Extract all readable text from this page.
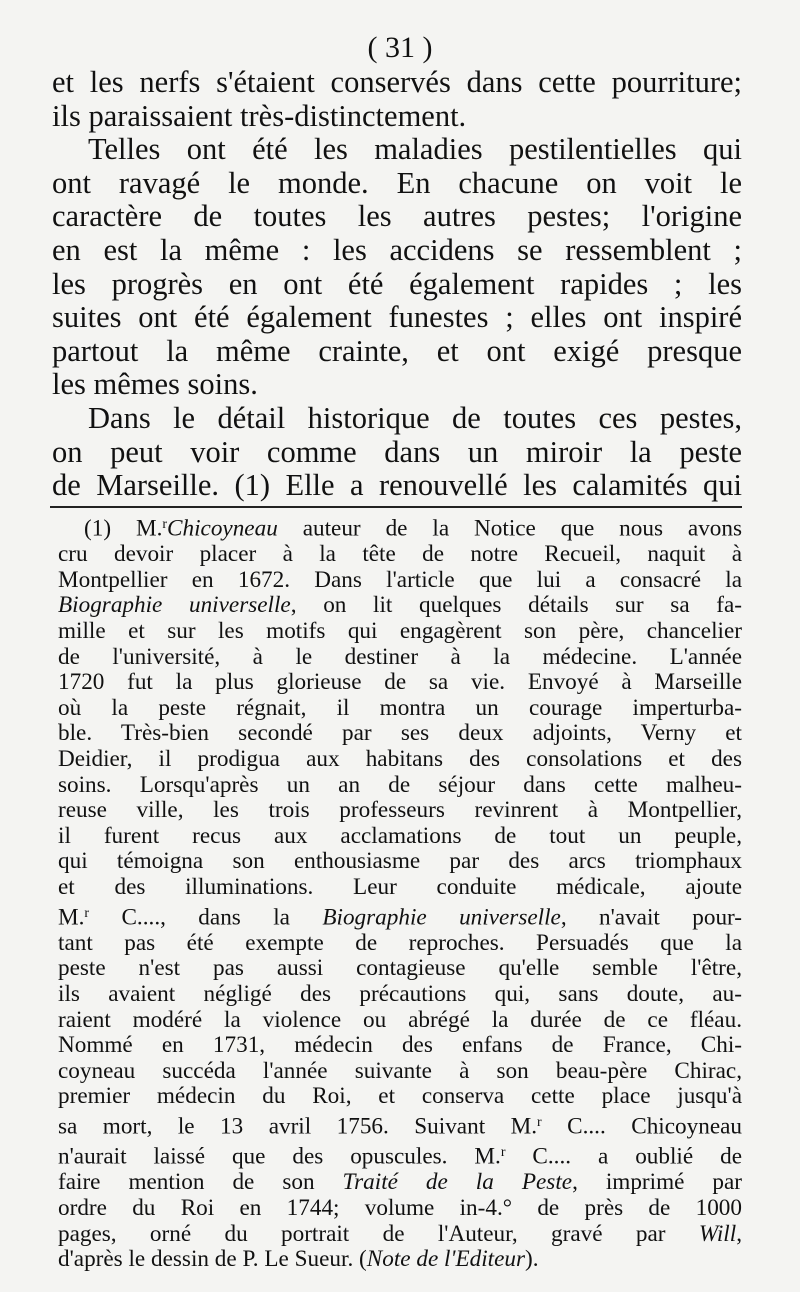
( 31 )
et les nerfs s'étaient conservés dans cette pourriture;
ils paraissaient très-distinctement.
Telles ont été les maladies pestilentielles qui
ont ravagé le monde. En chacune on voit le
caractère de toutes les autres pestes; l'origine
en est la même : les accidens se ressemblent ;
les progrès en ont été également rapides ; les
suites ont été également funestes ; elles ont inspiré
partout la même crainte, et ont exigé presque
les mêmes soins.
Dans le détail historique de toutes ces pestes,
on peut voir comme dans un miroir la peste
de Marseille. (1) Elle a renouvellé les calamités qui
(1) M.$^r$Chicoyneau auteur de la Notice que nous avons
cru devoir placer à la tête de notre Recueil, naquit à
Montpellier en 1672. Dans l'article que lui a consacré la
Biographie universelle, on lit quelques détails sur sa fa-
mille et sur les motifs qui engagèrent son père, chancelier
de l'université, à le destiner à la médecine. L'année
1720 fut la plus glorieuse de sa vie. Envoyé à Marseille
où la peste régnait, il montra un courage imperturba-
ble. Très-bien secondé par ses deux adjoints, Verny et
Deidier, il prodigua aux habitans des consolations et des
soins. Lorsqu'après un an de séjour dans cette malheu-
reuse ville, les trois professeurs revinrent à Montpellier,
il furent recus aux acclamations de tout un peuple,
qui témoigna son enthousiasme par des arcs triomphaux
et des illuminations. Leur conduite médicale, ajoute
M.$^r$ C...., dans la Biographie universelle, n'avait pour-
tant pas été exempte de reproches. Persuadés que la
peste n'est pas aussi contagieuse qu'elle semble l'être,
ils avaient négligé des précautions qui, sans doute, au-
raient modéré la violence ou abrégé la durée de ce fléau.
Nommé en 1731, médecin des enfans de France, Chi-
coyneau succéda l'année suivante à son beau-père Chirac,
premier médecin du Roi, et conserva cette place jusqu'à
sa mort, le 13 avril 1756. Suivant M.$^r$ C.... Chicoyneau
n'aurait laissé que des opuscules. M.$^r$ C.... a oublié de
faire mention de son Traité de la Peste, imprimé par
ordre du Roi en 1744; volume in-4.° de près de 1000
pages, orné du portrait de l'Auteur, gravé par Will,
d'après le dessin de P. Le Sueur. (Note de l'Editeur).
